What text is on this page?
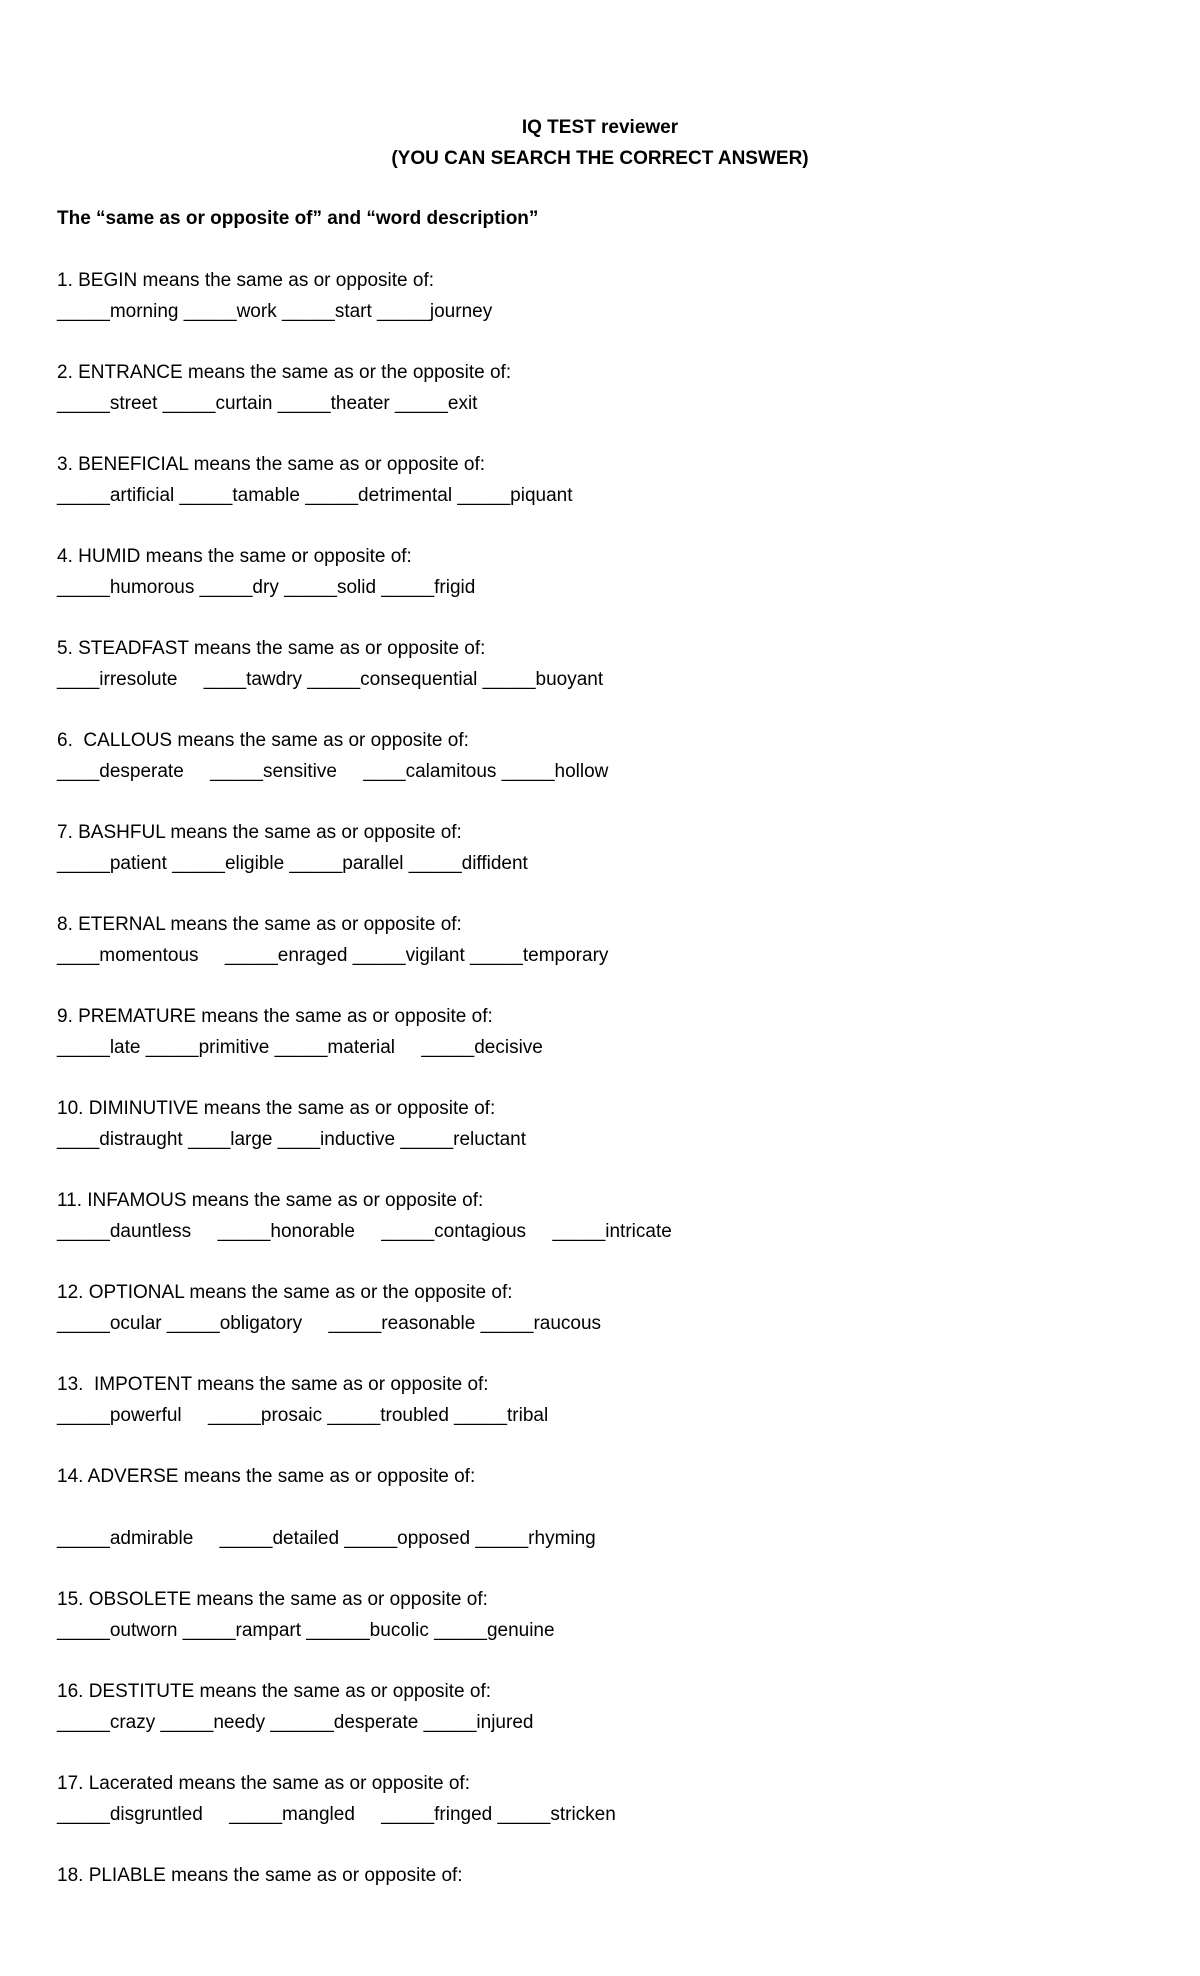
IQ TEST reviewer

(YOU CAN SEARCH THE CORRECT ANSWER)

The “same as or opposite of” and “word description”

1. BEGIN means the same as or opposite of:

_____morning _____work _____start _____journey

2. ENTRANCE means the same as or the opposite of:

_____street _____curtain _____theater _____exit

3. BENEFICIAL means the same as or opposite of:

_____artificial _____tamable _____detrimental _____piquant

4. HUMID means the same or opposite of:

_____humorous _____dry _____solid _____frigid

5. STEADFAST means the same as or opposite of:

____irresolute     ____tawdry _____consequential _____buoyant

6.  CALLOUS means the same as or opposite of:

____desperate     _____sensitive     ____calamitous _____hollow

7. BASHFUL means the same as or opposite of:

_____patient _____eligible _____parallel _____diffident

8. ETERNAL means the same as or opposite of:

____momentous     _____enraged _____vigilant _____temporary

9. PREMATURE means the same as or opposite of:

_____late _____primitive _____material     _____decisive

10. DIMINUTIVE means the same as or opposite of:

____distraught ____large ____inductive _____reluctant

11. INFAMOUS means the same as or opposite of:

_____dauntless     _____honorable     _____contagious     _____intricate

12. OPTIONAL means the same as or the opposite of:

_____ocular _____obligatory     _____reasonable _____raucous

13.  IMPOTENT means the same as or opposite of:

_____powerful     _____prosaic _____troubled _____tribal

14. ADVERSE means the same as or opposite of:

_____admirable     _____detailed _____opposed _____rhyming

15. OBSOLETE means the same as or opposite of:

_____outworn _____rampart ______bucolic _____genuine

16. DESTITUTE means the same as or opposite of:

_____crazy _____needy ______desperate _____injured

17. Lacerated means the same as or opposite of:

_____disgruntled     _____mangled     _____fringed _____stricken

18. PLIABLE means the same as or opposite of:
